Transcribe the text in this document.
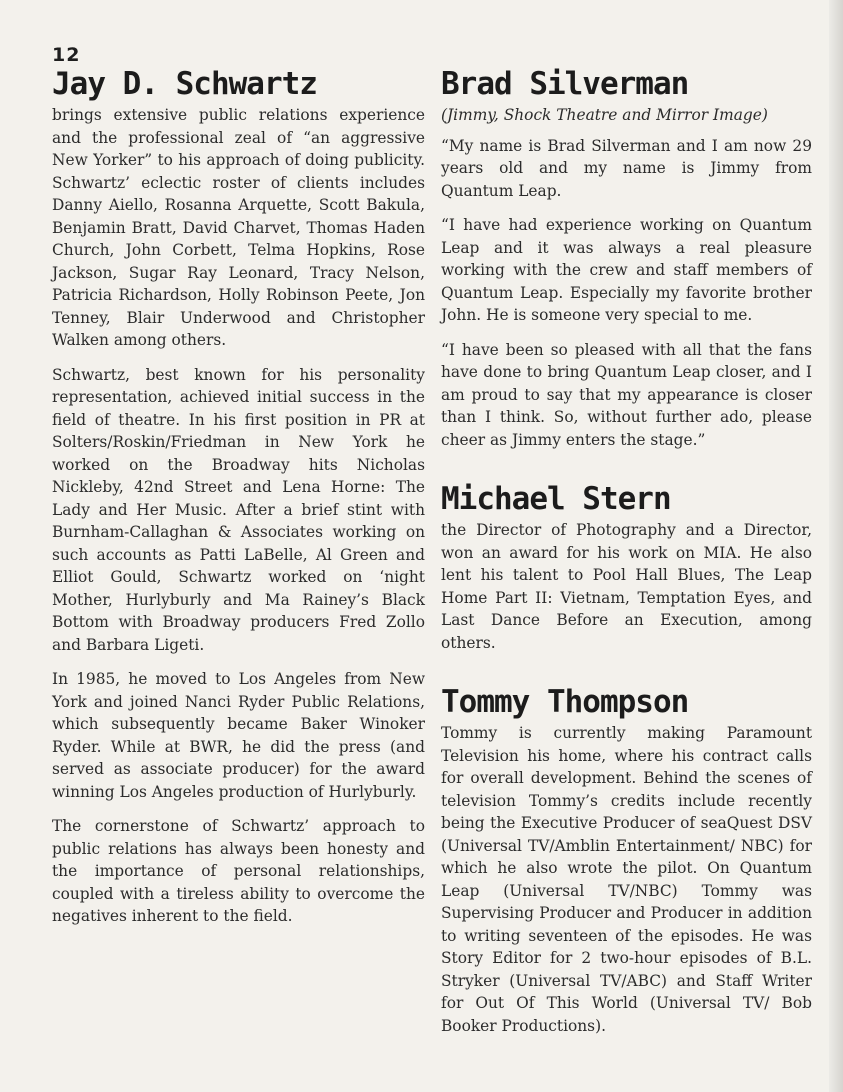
12
Jay D. Schwartz

brings extensive public relations experience and the professional zeal of “an aggressive New Yorker” to his approach of doing publicity. Schwartz’ eclectic roster of clients includes Danny Aiello, Rosanna Arquette, Scott Bakula, Benjamin Bratt, David Charvet, Thomas Haden Church, John Corbett, Telma Hopkins, Rose Jackson, Sugar Ray Leonard, Tracy Nelson, Patricia Richardson, Holly Robinson Peete, Jon Tenney, Blair Underwood and Christopher Walken among others.

Schwartz, best known for his personality representation, achieved initial success in the field of theatre. In his first position in PR at Solters/Roskin/Friedman in New York he worked on the Broadway hits Nicholas Nickleby, 42nd Street and Lena Horne: The Lady and Her Music. After a brief stint with Burnham-Callaghan & Associates working on such accounts as Patti LaBelle, Al Green and Elliot Gould, Schwartz worked on ‘night Mother, Hurlyburly and Ma Rainey’s Black Bottom with Broadway producers Fred Zollo and Barbara Ligeti.

In 1985, he moved to Los Angeles from New York and joined Nanci Ryder Public Relations, which subsequently became Baker Winoker Ryder. While at BWR, he did the press (and served as associate producer) for the award winning Los Angeles production of Hurlyburly.

The cornerstone of Schwartz’ approach to public relations has always been honesty and the importance of personal relationships, coupled with a tireless ability to overcome the negatives inherent to the field.

Brad Silverman

(Jimmy, Shock Theatre and Mirror Image)

“My name is Brad Silverman and I am now 29 years old and my name is Jimmy from Quantum Leap.

“I have had experience working on Quantum Leap and it was always a real pleasure working with the crew and staff members of Quantum Leap. Especially my favorite brother John. He is someone very special to me.

“I have been so pleased with all that the fans have done to bring Quantum Leap closer, and I am proud to say that my appearance is closer than I think. So, without further ado, please cheer as Jimmy enters the stage.”

Michael Stern

the Director of Photography and a Director, won an award for his work on MIA. He also lent his talent to Pool Hall Blues, The Leap Home Part II: Vietnam, Temptation Eyes, and Last Dance Before an Execution, among others.

Tommy Thompson

Tommy is currently making Paramount Television his home, where his contract calls for overall development. Behind the scenes of television Tommy’s credits include recently being the Executive Producer of seaQuest DSV (Universal TV/Amblin Entertainment/ NBC) for which he also wrote the pilot. On Quantum Leap (Universal TV/NBC) Tommy was Supervising Producer and Producer in addition to writing seventeen of the episodes. He was Story Editor for 2 two-hour episodes of B.L. Stryker (Universal TV/ABC) and Staff Writer for Out Of This World (Universal TV/ Bob Booker Productions).
